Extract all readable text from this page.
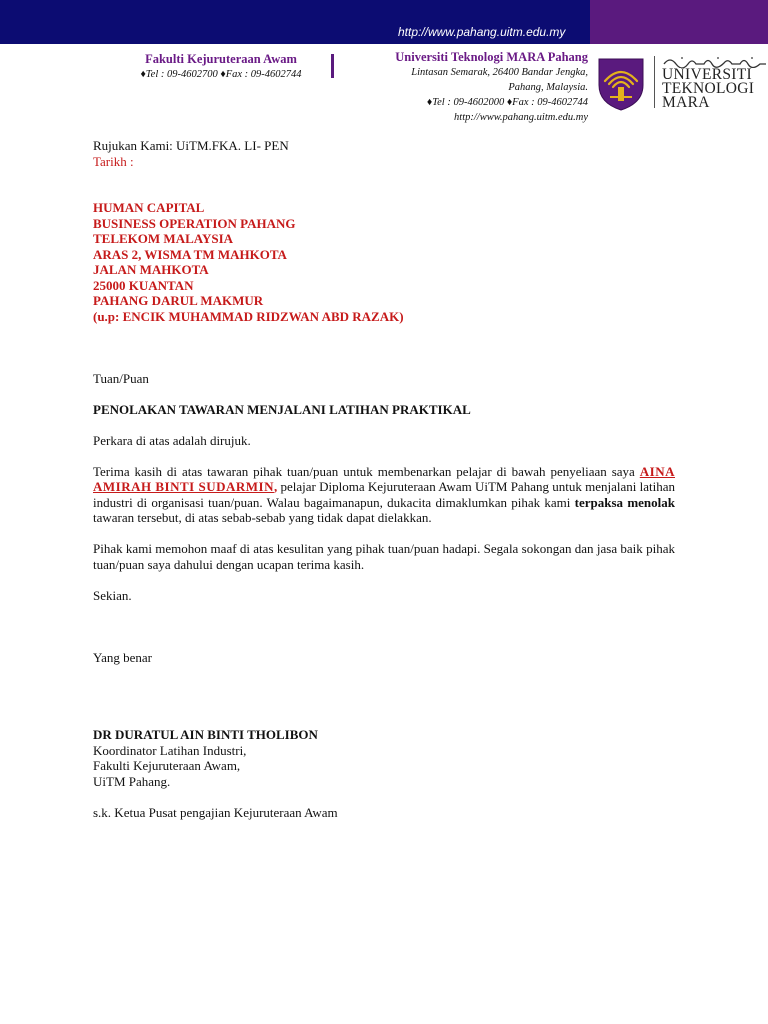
http://www.pahang.uitm.edu.my
Fakulti Kejuruteraan Awam
♦Tel : 09-4602700 ♦Fax : 09-4602744
Universiti Teknologi MARA Pahang
Lintasan Semarak, 26400 Bandar Jengka,
Pahang, Malaysia.
♦Tel : 09-4602000 ♦Fax : 09-4602744
http://www.pahang.uitm.edu.my
UNIVERSITI
TEKNOLOGI
MARA

Rujukan Kami: UiTM.FKA. LI- PEN

Tarikh :

HUMAN CAPITAL

BUSINESS OPERATION PAHANG

TELEKOM MALAYSIA

ARAS 2, WISMA TM MAHKOTA

JALAN MAHKOTA

25000 KUANTAN

PAHANG DARUL MAKMUR

(u.p: ENCIK MUHAMMAD RIDZWAN ABD RAZAK)

Tuan/Puan

PENOLAKAN TAWARAN MENJALANI LATIHAN PRAKTIKAL

Perkara di atas adalah dirujuk.

Terima kasih di atas tawaran pihak tuan/puan untuk membenarkan pelajar di bawah penyeliaan saya AINA AMIRAH BINTI SUDARMIN, pelajar Diploma Kejuruteraan Awam UiTM Pahang untuk menjalani latihan industri di organisasi tuan/puan. Walau bagaimanapun, dukacita dimaklumkan pihak kami terpaksa menolak tawaran tersebut, di atas sebab-sebab yang tidak dapat dielakkan.

Pihak kami memohon maaf di atas kesulitan yang pihak tuan/puan hadapi. Segala sokongan dan jasa baik pihak tuan/puan saya dahului dengan ucapan terima kasih.

Sekian.

Yang benar

DR DURATUL AIN BINTI THOLIBON

Koordinator Latihan Industri,

Fakulti Kejuruteraan Awam,

UiTM Pahang.

s.k. Ketua Pusat pengajian Kejuruteraan Awam
